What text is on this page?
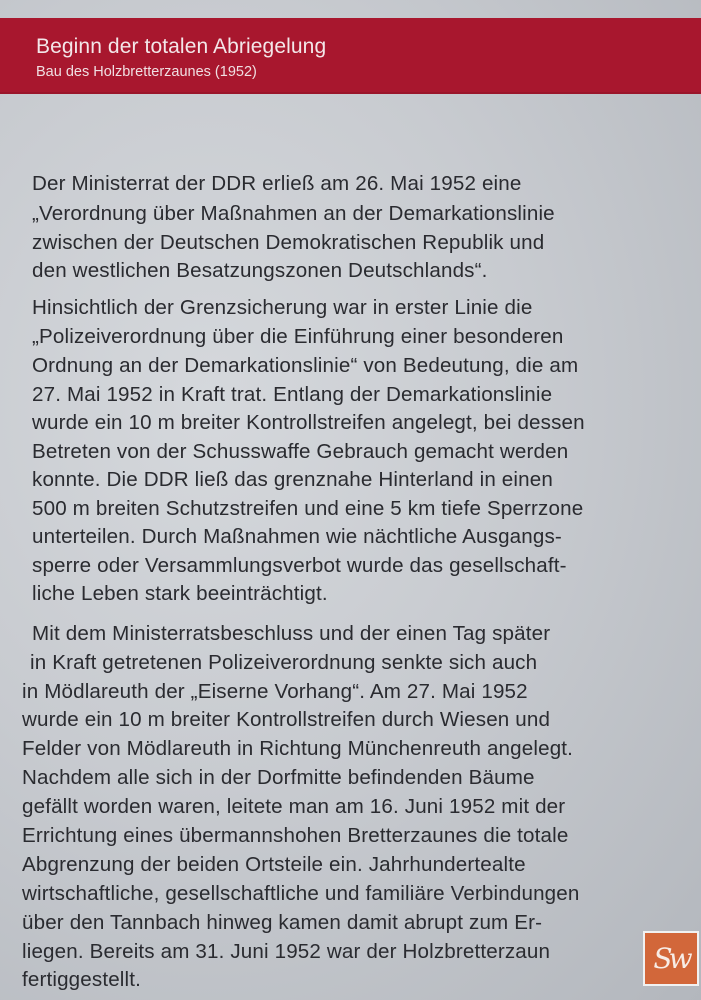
Beginn der totalen Abriegelung
Bau des Holzbretterzaunes (1952)
Der Ministerrat der DDR erließ am 26. Mai 1952 eine
„Verordnung über Maßnahmen an der Demarkationslinie
zwischen der Deutschen Demokratischen Republik und
den westlichen Besatzungszonen Deutschlands“.
Hinsichtlich der Grenzsicherung war in erster Linie die
„Polizeiverordnung über die Einführung einer besonderen
Ordnung an der Demarkationslinie“ von Bedeutung, die am
27. Mai 1952 in Kraft trat. Entlang der Demarkationslinie
wurde ein 10 m breiter Kontrollstreifen angelegt, bei dessen
Betreten von der Schusswaffe Gebrauch gemacht werden
konnte. Die DDR ließ das grenznahe Hinterland in einen
500 m breiten Schutzstreifen und eine 5 km tiefe Sperrzone
unterteilen. Durch Maßnahmen wie nächtliche Ausgangs-
sperre oder Versammlungsverbot wurde das gesellschaft-
liche Leben stark beeinträchtigt.
Mit dem Ministerratsbeschluss und der einen Tag später
in Kraft getretenen Polizeiverordnung senkte sich auch
in Mödlareuth der „Eiserne Vorhang“. Am 27. Mai 1952
wurde ein 10 m breiter Kontrollstreifen durch Wiesen und
Felder von Mödlareuth in Richtung Münchenreuth angelegt.
Nachdem alle sich in der Dorfmitte befindenden Bäume
gefällt worden waren, leitete man am 16. Juni 1952 mit der
Errichtung eines übermannshohen Bretterzaunes die totale
Abgrenzung der beiden Ortsteile ein. Jahrhundertealte
wirtschaftliche, gesellschaftliche und familiäre Verbindungen
über den Tannbach hinweg kamen damit abrupt zum Er-
liegen. Bereits am 31. Juni 1952 war der Holzbretterzaun
fertiggestellt.
Sw
